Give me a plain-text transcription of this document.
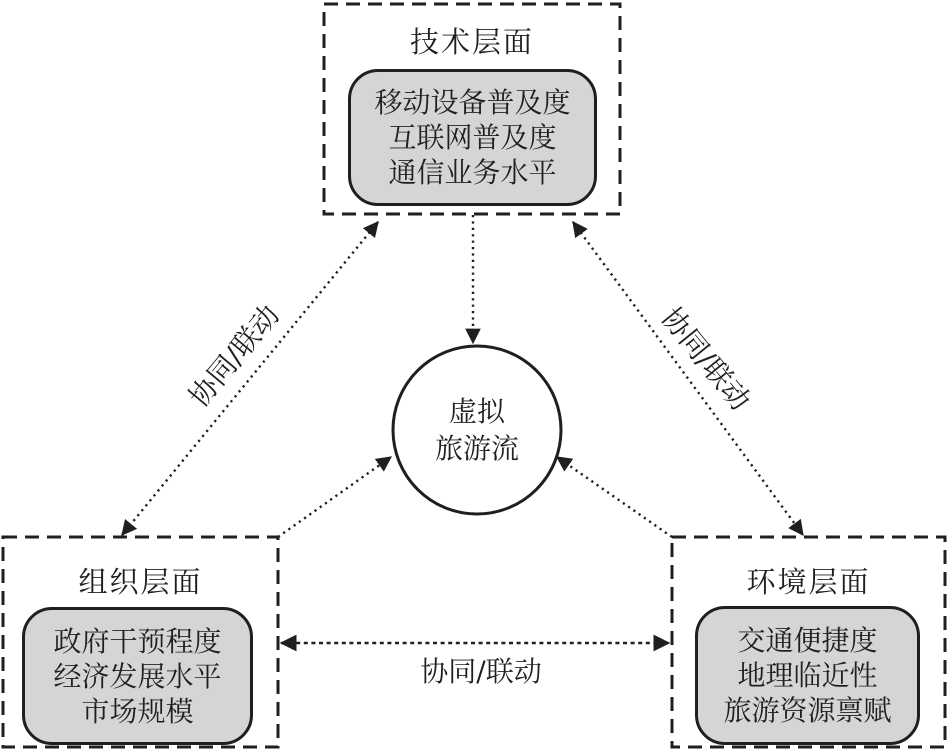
技术层面
移动设备普及度
互联网普及度
通信业务水平
组织层面
政府干预程度
经济发展水平
市场规模
环境层面
交通便捷度
地理临近性
旅游资源禀赋
虚拟
旅游流
协同/联动	协同/联动
协同/联动
